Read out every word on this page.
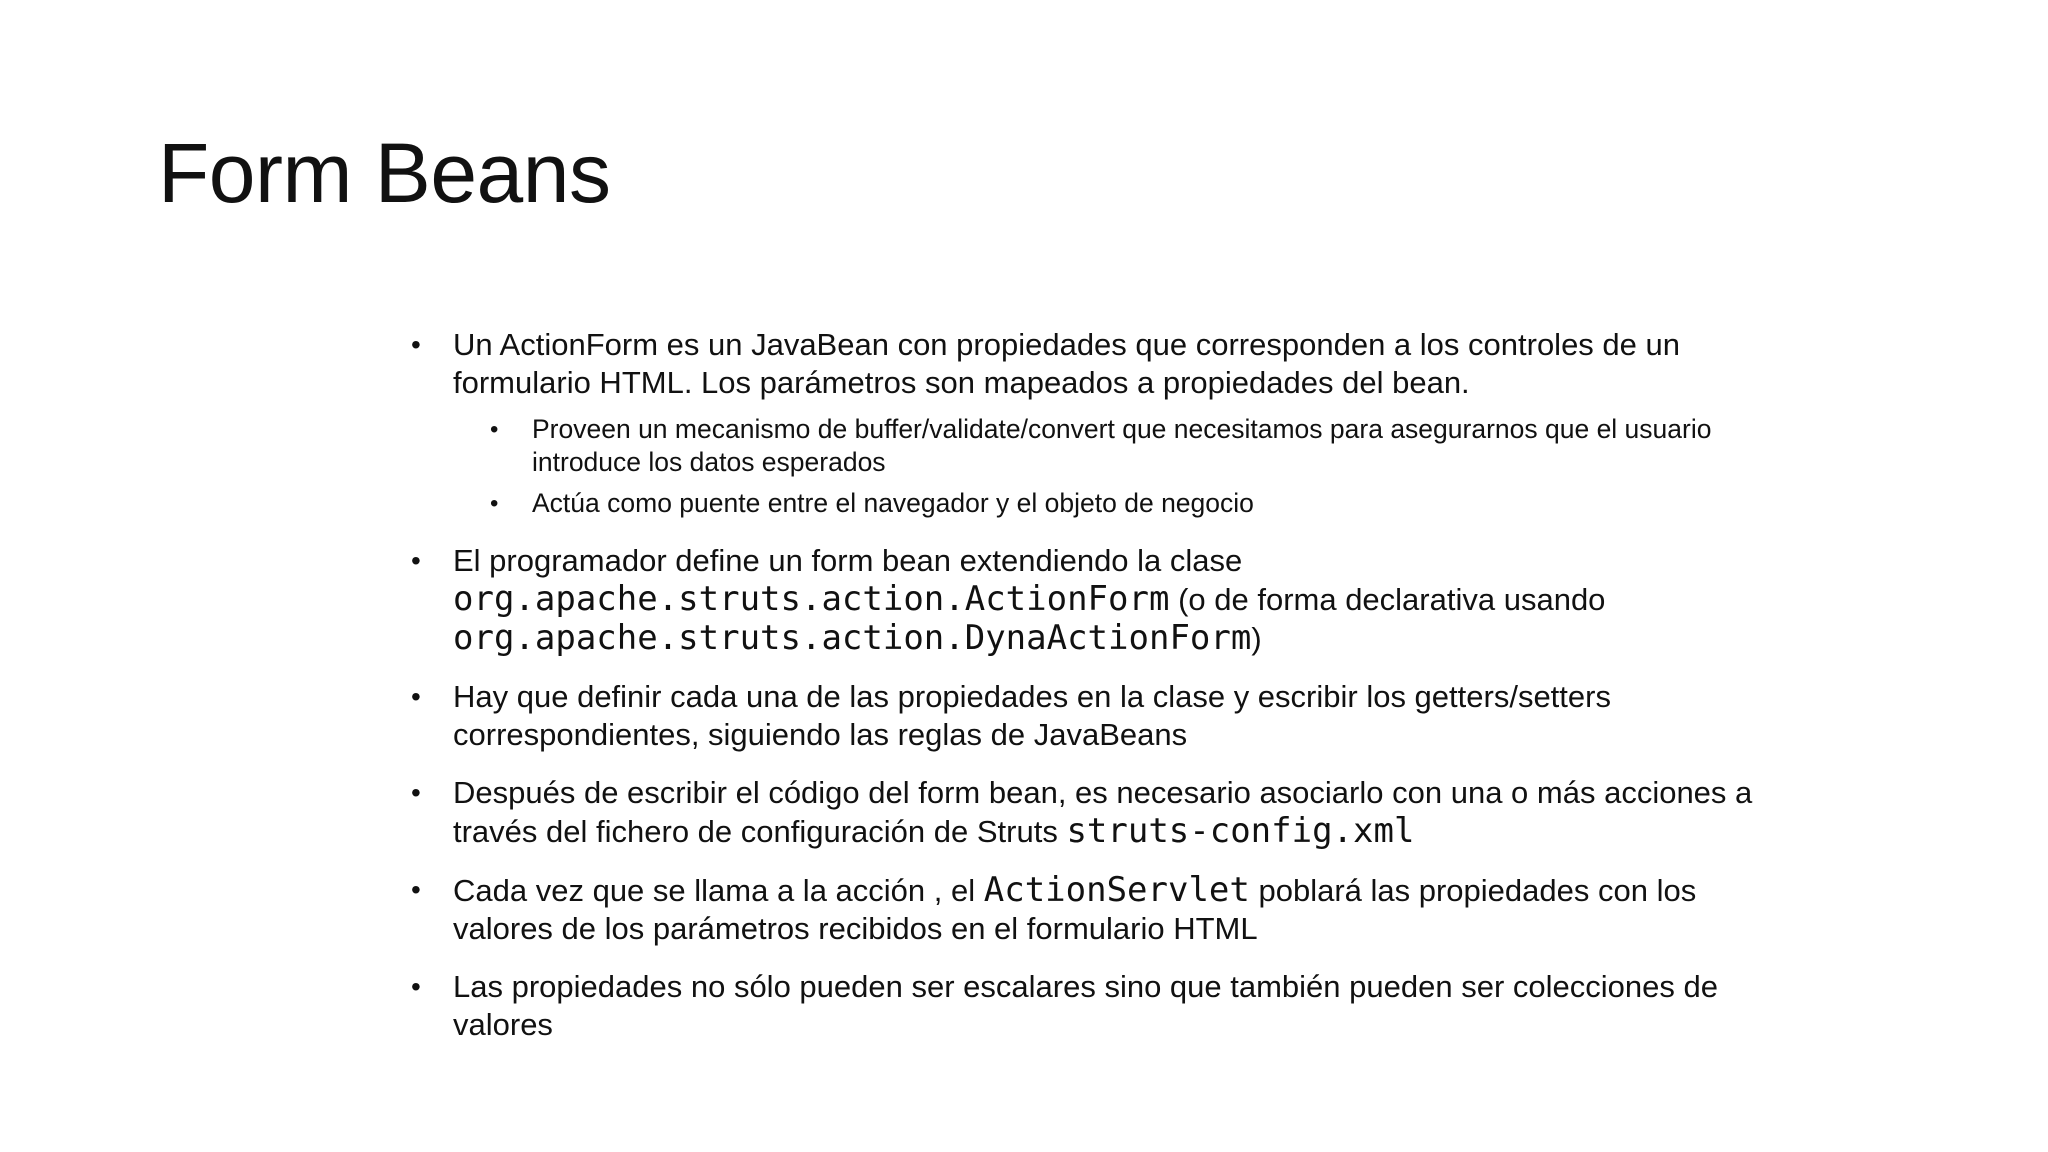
Form Beans
• Un ActionForm es un JavaBean con propiedades que corresponden a los controles de un formulario HTML. Los parámetros son mapeados a propiedades del bean.
• Proveen un mecanismo de buffer/validate/convert que necesitamos para asegurarnos que el usuario introduce los datos esperados
• Actúa como puente entre el navegador y el objeto de negocio
• El programador define un form bean extendiendo la clase
org.apache.struts.action.ActionForm (o de forma declarativa usando org.apache.struts.action.DynaActionForm)
• Hay que definir cada una de las propiedades en la clase y escribir los getters/setters correspondientes, siguiendo las reglas de JavaBeans
• Después de escribir el código del form bean, es necesario asociarlo con una o más acciones a través del fichero de configuración de Struts struts-config.xml
• Cada vez que se llama a la acción , el ActionServlet poblará las propiedades con los valores de los parámetros recibidos en el formulario HTML
• Las propiedades no sólo pueden ser escalares sino que también pueden ser colecciones de valores
